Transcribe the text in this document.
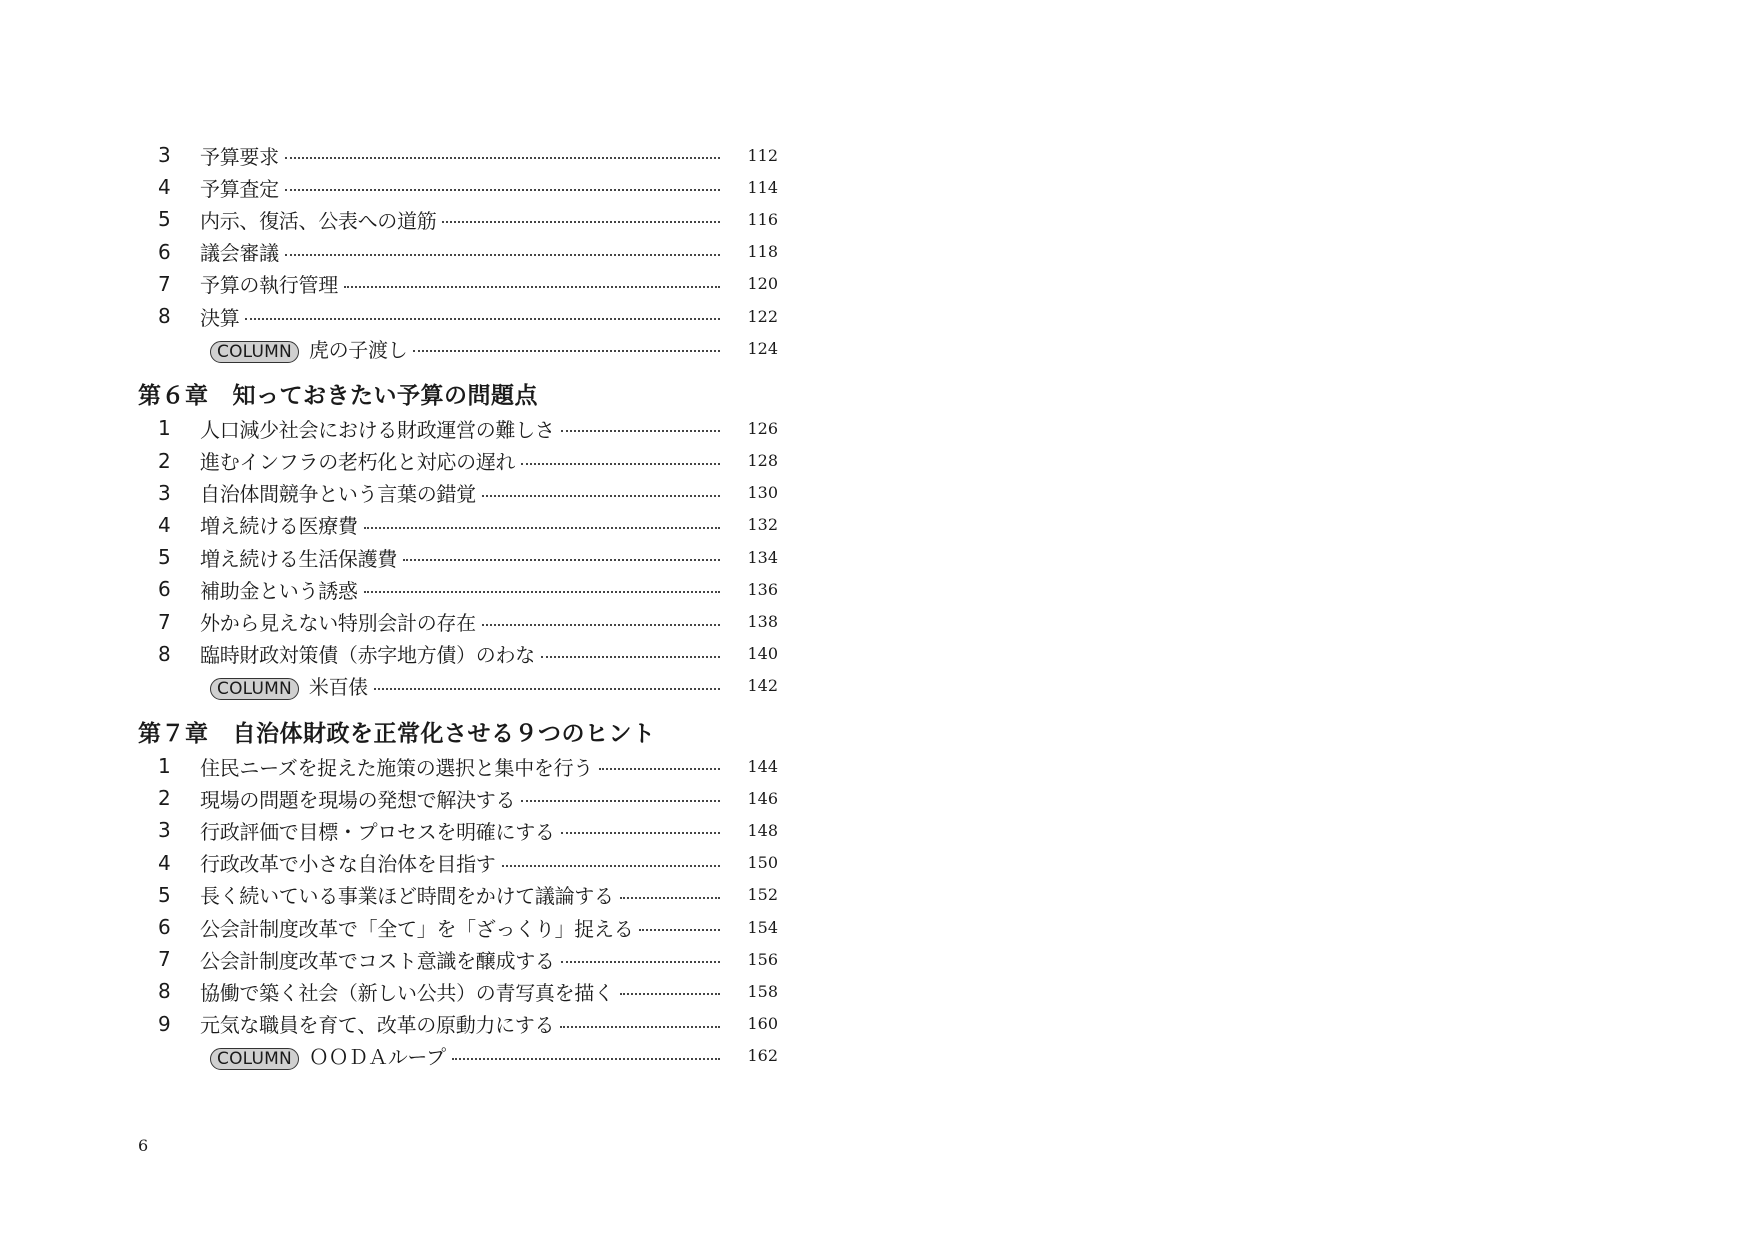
3	予算要求	112
4	予算査定	114
5	内示、復活、公表への道筋	116
6	議会審議	118
7	予算の執行管理	120
8	決算	122
COLUMN 虎の子渡し	124
第６章 知っておきたい予算の問題点
1	人口減少社会における財政運営の難しさ	126
2	進むインフラの老朽化と対応の遅れ	128
3	自治体間競争という言葉の錯覚	130
4	増え続ける医療費	132
5	増え続ける生活保護費	134
6	補助金という誘惑	136
7	外から見えない特別会計の存在	138
8	臨時財政対策債（赤字地方債）のわな	140
COLUMN 米百俵	142
第７章 自治体財政を正常化させる９つのヒント
1	住民ニーズを捉えた施策の選択と集中を行う	144
2	現場の問題を現場の発想で解決する	146
3	行政評価で目標・プロセスを明確にする	148
4	行政改革で小さな自治体を目指す	150
5	長く続いている事業ほど時間をかけて議論する	152
6	公会計制度改革で「全て」を「ざっくり」捉える	154
7	公会計制度改革でコスト意識を醸成する	156
8	協働で築く社会（新しい公共）の青写真を描く	158
9	元気な職員を育て、改革の原動力にする	160
COLUMN ＯＯＤＡループ	162
6
